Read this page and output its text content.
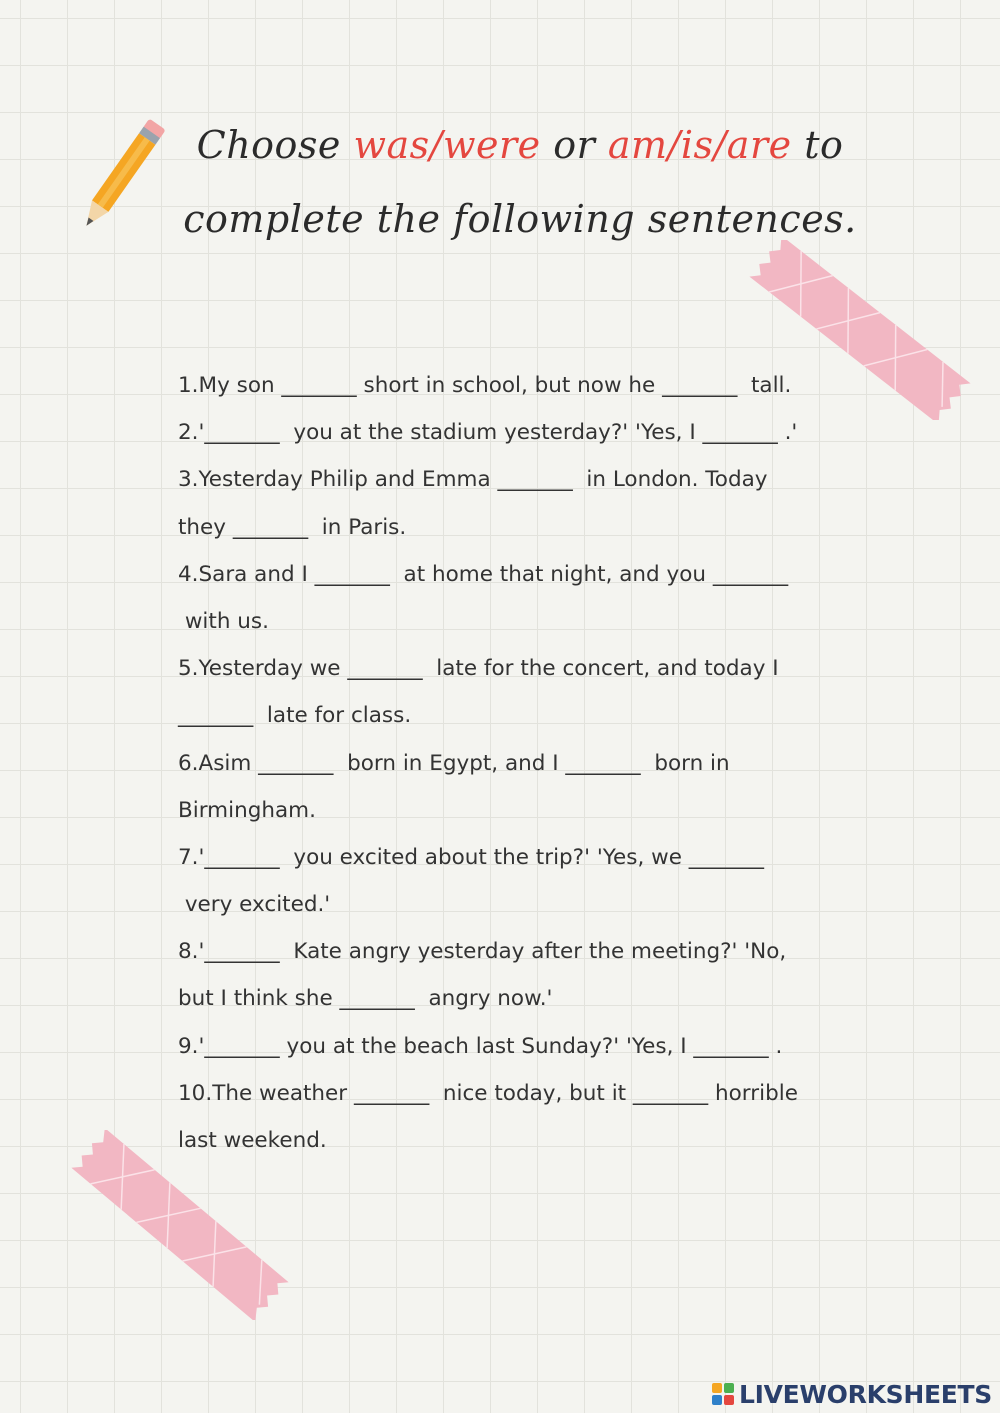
Choose was/were or am/is/are to
complete the following sentences.
1.My son _______ short in school, but now he _______  tall.
2.'_______  you at the stadium yesterday?' 'Yes, I _______ .'
3.Yesterday Philip and Emma _______  in London. Today
they _______  in Paris.
4.Sara and I _______  at home that night, and you _______
with us.
5.Yesterday we _______  late for the concert, and today I
_______  late for class.
6.Asim _______  born in Egypt, and I _______  born in
Birmingham.
7.'_______  you excited about the trip?' 'Yes, we _______
very excited.'
8.'_______  Kate angry yesterday after the meeting?' 'No,
but I think she _______  angry now.'
9.'_______ you at the beach last Sunday?' 'Yes, I _______ .
10.The weather _______  nice today, but it _______ horrible
last weekend.
LIVEWORKSHEETS
